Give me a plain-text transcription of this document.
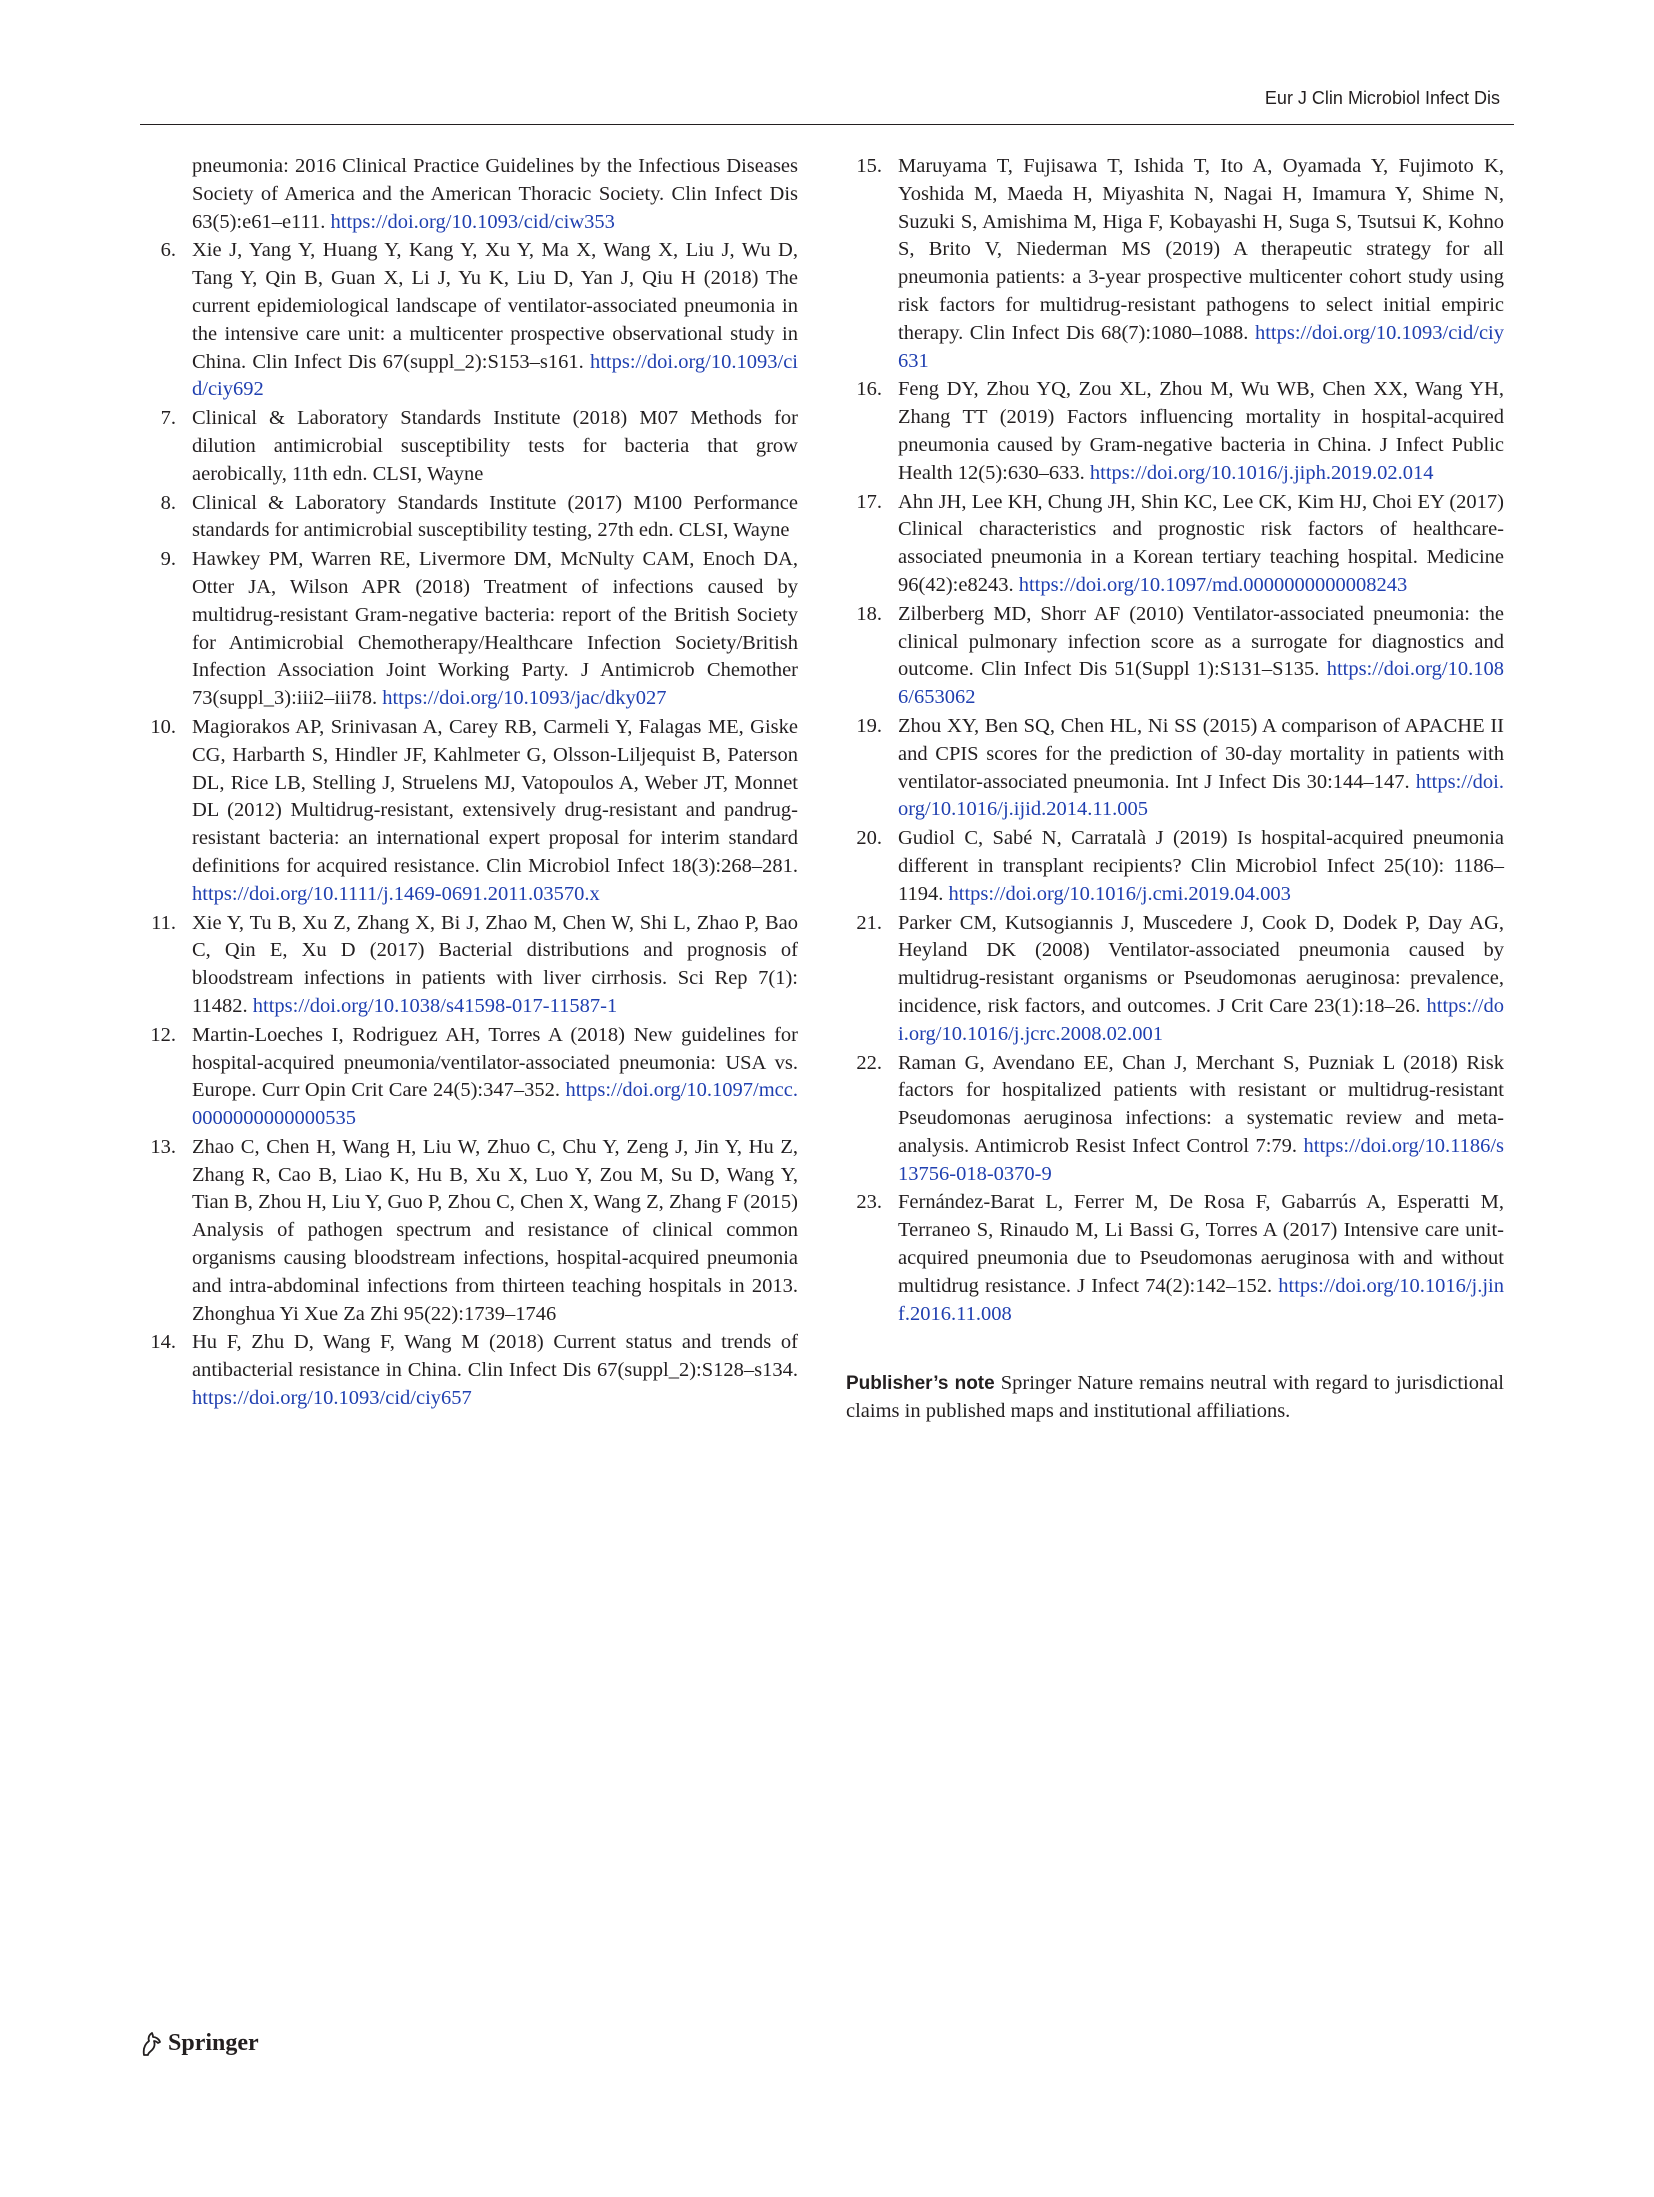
Eur J Clin Microbiol Infect Dis
pneumonia: 2016 Clinical Practice Guidelines by the Infectious Diseases Society of America and the American Thoracic Society. Clin Infect Dis 63(5):e61–e111. https://doi.org/10.1093/cid/ciw353
6. Xie J, Yang Y, Huang Y, Kang Y, Xu Y, Ma X, Wang X, Liu J, Wu D, Tang Y, Qin B, Guan X, Li J, Yu K, Liu D, Yan J, Qiu H (2018) The current epidemiological landscape of ventilator-associated pneumonia in the intensive care unit: a multicenter prospective observational study in China. Clin Infect Dis 67(suppl_2):S153–s161. https://doi.org/10.1093/cid/ciy692
7. Clinical & Laboratory Standards Institute (2018) M07 Methods for dilution antimicrobial susceptibility tests for bacteria that grow aerobically, 11th edn. CLSI, Wayne
8. Clinical & Laboratory Standards Institute (2017) M100 Performance standards for antimicrobial susceptibility testing, 27th edn. CLSI, Wayne
9. Hawkey PM, Warren RE, Livermore DM, McNulty CAM, Enoch DA, Otter JA, Wilson APR (2018) Treatment of infections caused by multidrug-resistant Gram-negative bacteria: report of the British Society for Antimicrobial Chemotherapy/Healthcare Infection Society/British Infection Association Joint Working Party. J Antimicrob Chemother 73(suppl_3):iii2–iii78. https://doi.org/10.1093/jac/dky027
10. Magiorakos AP, Srinivasan A, Carey RB, Carmeli Y, Falagas ME, Giske CG, Harbarth S, Hindler JF, Kahlmeter G, Olsson-Liljequist B, Paterson DL, Rice LB, Stelling J, Struelens MJ, Vatopoulos A, Weber JT, Monnet DL (2012) Multidrug-resistant, extensively drug-resistant and pandrug-resistant bacteria: an international expert proposal for interim standard definitions for acquired resistance. Clin Microbiol Infect 18(3):268–281. https://doi.org/10.1111/j.1469-0691.2011.03570.x
11. Xie Y, Tu B, Xu Z, Zhang X, Bi J, Zhao M, Chen W, Shi L, Zhao P, Bao C, Qin E, Xu D (2017) Bacterial distributions and prognosis of bloodstream infections in patients with liver cirrhosis. Sci Rep 7(1): 11482. https://doi.org/10.1038/s41598-017-11587-1
12. Martin-Loeches I, Rodriguez AH, Torres A (2018) New guidelines for hospital-acquired pneumonia/ventilator-associated pneumonia: USA vs. Europe. Curr Opin Crit Care 24(5):347–352. https://doi.org/10.1097/mcc.0000000000000535
13. Zhao C, Chen H, Wang H, Liu W, Zhuo C, Chu Y, Zeng J, Jin Y, Hu Z, Zhang R, Cao B, Liao K, Hu B, Xu X, Luo Y, Zou M, Su D, Wang Y, Tian B, Zhou H, Liu Y, Guo P, Zhou C, Chen X, Wang Z, Zhang F (2015) Analysis of pathogen spectrum and resistance of clinical common organisms causing bloodstream infections, hospital-acquired pneumonia and intra-abdominal infections from thirteen teaching hospitals in 2013. Zhonghua Yi Xue Za Zhi 95(22):1739–1746
14. Hu F, Zhu D, Wang F, Wang M (2018) Current status and trends of antibacterial resistance in China. Clin Infect Dis 67(suppl_2):S128–s134. https://doi.org/10.1093/cid/ciy657
15. Maruyama T, Fujisawa T, Ishida T, Ito A, Oyamada Y, Fujimoto K, Yoshida M, Maeda H, Miyashita N, Nagai H, Imamura Y, Shime N, Suzuki S, Amishima M, Higa F, Kobayashi H, Suga S, Tsutsui K, Kohno S, Brito V, Niederman MS (2019) A therapeutic strategy for all pneumonia patients: a 3-year prospective multicenter cohort study using risk factors for multidrug-resistant pathogens to select initial empiric therapy. Clin Infect Dis 68(7):1080–1088. https://doi.org/10.1093/cid/ciy631
16. Feng DY, Zhou YQ, Zou XL, Zhou M, Wu WB, Chen XX, Wang YH, Zhang TT (2019) Factors influencing mortality in hospital-acquired pneumonia caused by Gram-negative bacteria in China. J Infect Public Health 12(5):630–633. https://doi.org/10.1016/j.jiph.2019.02.014
17. Ahn JH, Lee KH, Chung JH, Shin KC, Lee CK, Kim HJ, Choi EY (2017) Clinical characteristics and prognostic risk factors of healthcare-associated pneumonia in a Korean tertiary teaching hospital. Medicine 96(42):e8243. https://doi.org/10.1097/md.0000000000008243
18. Zilberberg MD, Shorr AF (2010) Ventilator-associated pneumonia: the clinical pulmonary infection score as a surrogate for diagnostics and outcome. Clin Infect Dis 51(Suppl 1):S131–S135. https://doi.org/10.1086/653062
19. Zhou XY, Ben SQ, Chen HL, Ni SS (2015) A comparison of APACHE II and CPIS scores for the prediction of 30-day mortality in patients with ventilator-associated pneumonia. Int J Infect Dis 30:144–147. https://doi.org/10.1016/j.ijid.2014.11.005
20. Gudiol C, Sabé N, Carratalà J (2019) Is hospital-acquired pneumonia different in transplant recipients? Clin Microbiol Infect 25(10): 1186–1194. https://doi.org/10.1016/j.cmi.2019.04.003
21. Parker CM, Kutsogiannis J, Muscedere J, Cook D, Dodek P, Day AG, Heyland DK (2008) Ventilator-associated pneumonia caused by multidrug-resistant organisms or Pseudomonas aeruginosa: prevalence, incidence, risk factors, and outcomes. J Crit Care 23(1):18–26. https://doi.org/10.1016/j.jcrc.2008.02.001
22. Raman G, Avendano EE, Chan J, Merchant S, Puzniak L (2018) Risk factors for hospitalized patients with resistant or multidrug-resistant Pseudomonas aeruginosa infections: a systematic review and meta-analysis. Antimicrob Resist Infect Control 7:79. https://doi.org/10.1186/s13756-018-0370-9
23. Fernández-Barat L, Ferrer M, De Rosa F, Gabarrús A, Esperatti M, Terraneo S, Rinaudo M, Li Bassi G, Torres A (2017) Intensive care unit-acquired pneumonia due to Pseudomonas aeruginosa with and without multidrug resistance. J Infect 74(2):142–152. https://doi.org/10.1016/j.jinf.2016.11.008
Publisher’s note Springer Nature remains neutral with regard to jurisdictional claims in published maps and institutional affiliations.
Springer
